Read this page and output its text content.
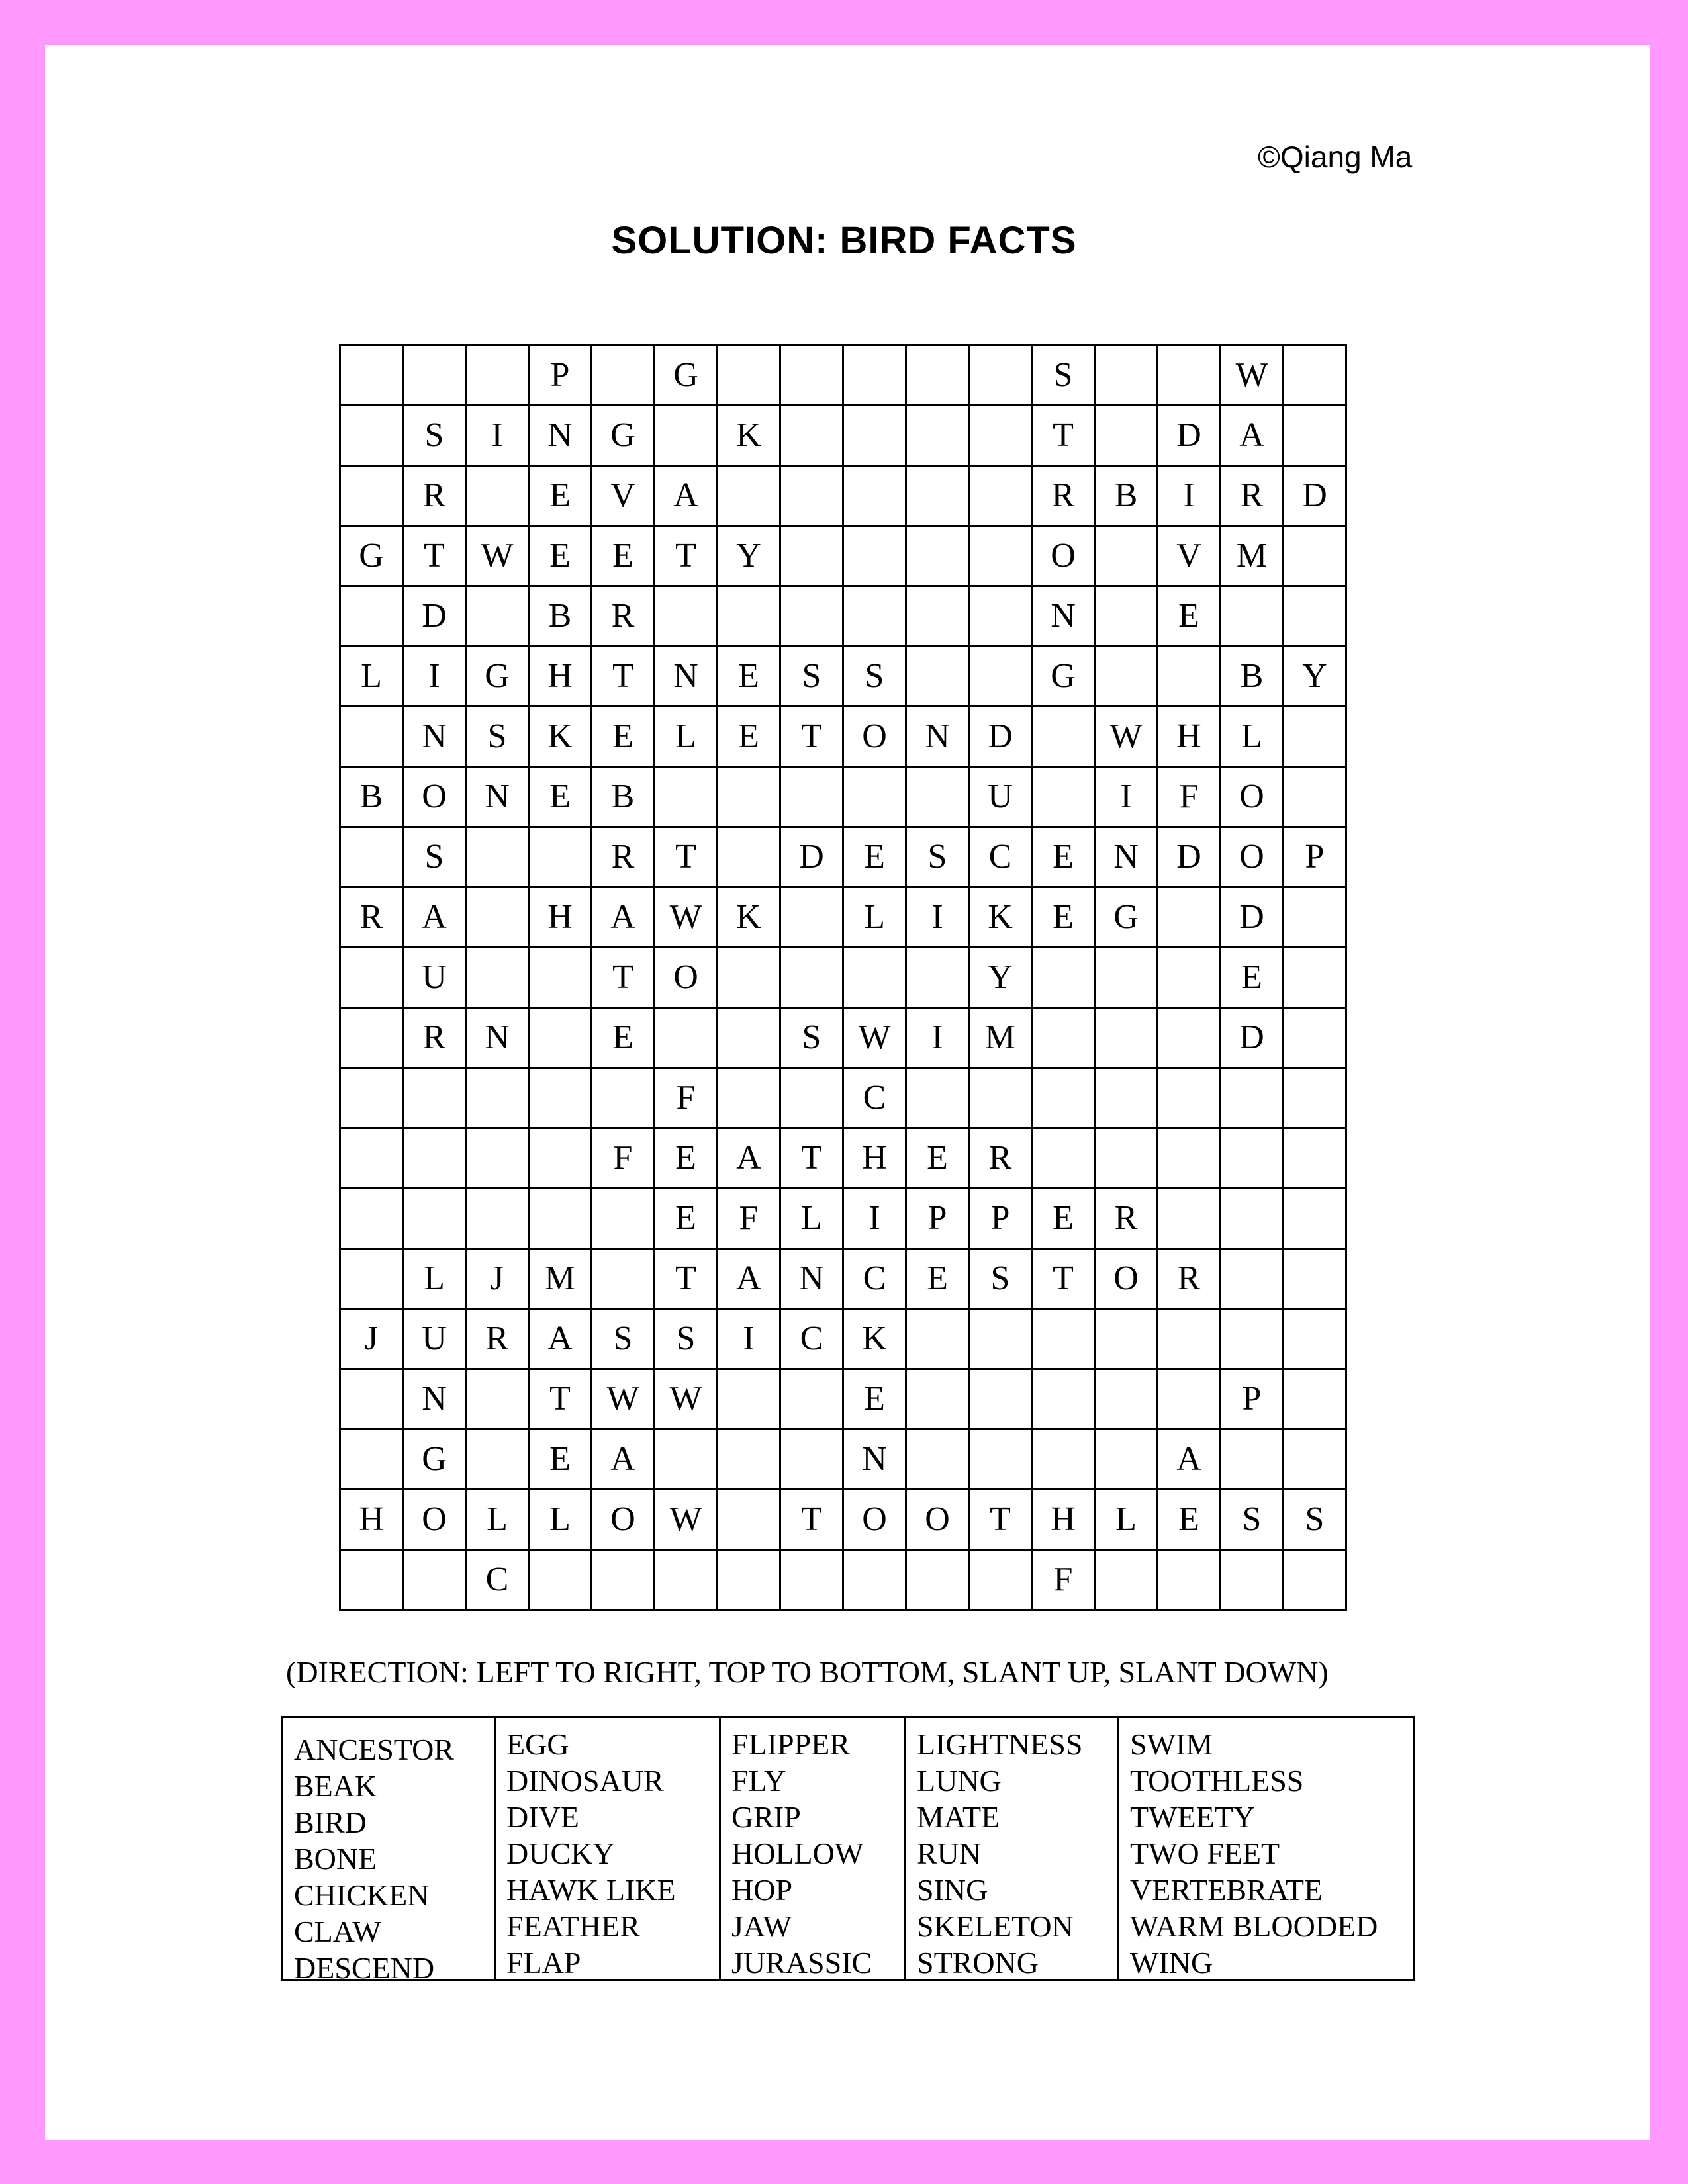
©Qiang Ma
SOLUTION: BIRD FACTS
			P		G						S			W	
	S	I	N	G		K					T		D	A	
	R		E	V	A						R	B	I	R	D
G	T	W	E	E	T	Y					O		V	M	
	D		B	R							N		E		
L	I	G	H	T	N	E	S	S			G			B	Y
	N	S	K	E	L	E	T	O	N	D		W	H	L	
B	O	N	E	B						U		I	F	O	
	S			R	T		D	E	S	C	E	N	D	O	P
R	A		H	A	W	K		L	I	K	E	G		D	
	U			T	O					Y				E	
	R	N		E			S	W	I	M				D	
					F			C							
				F	E	A	T	H	E	R					
					E	F	L	I	P	P	E	R			
	L	J	M		T	A	N	C	E	S	T	O	R		
J	U	R	A	S	S	I	C	K							
	N		T	W	W			E						P	
	G		E	A				N					A		
H	O	L	L	O	W		T	O	O	T	H	L	E	S	S
		C									F				
(DIRECTION: LEFT TO RIGHT, TOP TO BOTTOM, SLANT UP, SLANT DOWN)
ANCESTOR
BEAK
BIRD
BONE
CHICKEN
CLAW
DESCEND
EGG
DINOSAUR
DIVE
DUCKY
HAWK LIKE
FEATHER
FLAP
FLIPPER
FLY
GRIP
HOLLOW
HOP
JAW
JURASSIC
LIGHTNESS
LUNG
MATE
RUN
SING
SKELETON
STRONG
SWIM
TOOTHLESS
TWEETY
TWO FEET
VERTEBRATE
WARM BLOODED
WING
